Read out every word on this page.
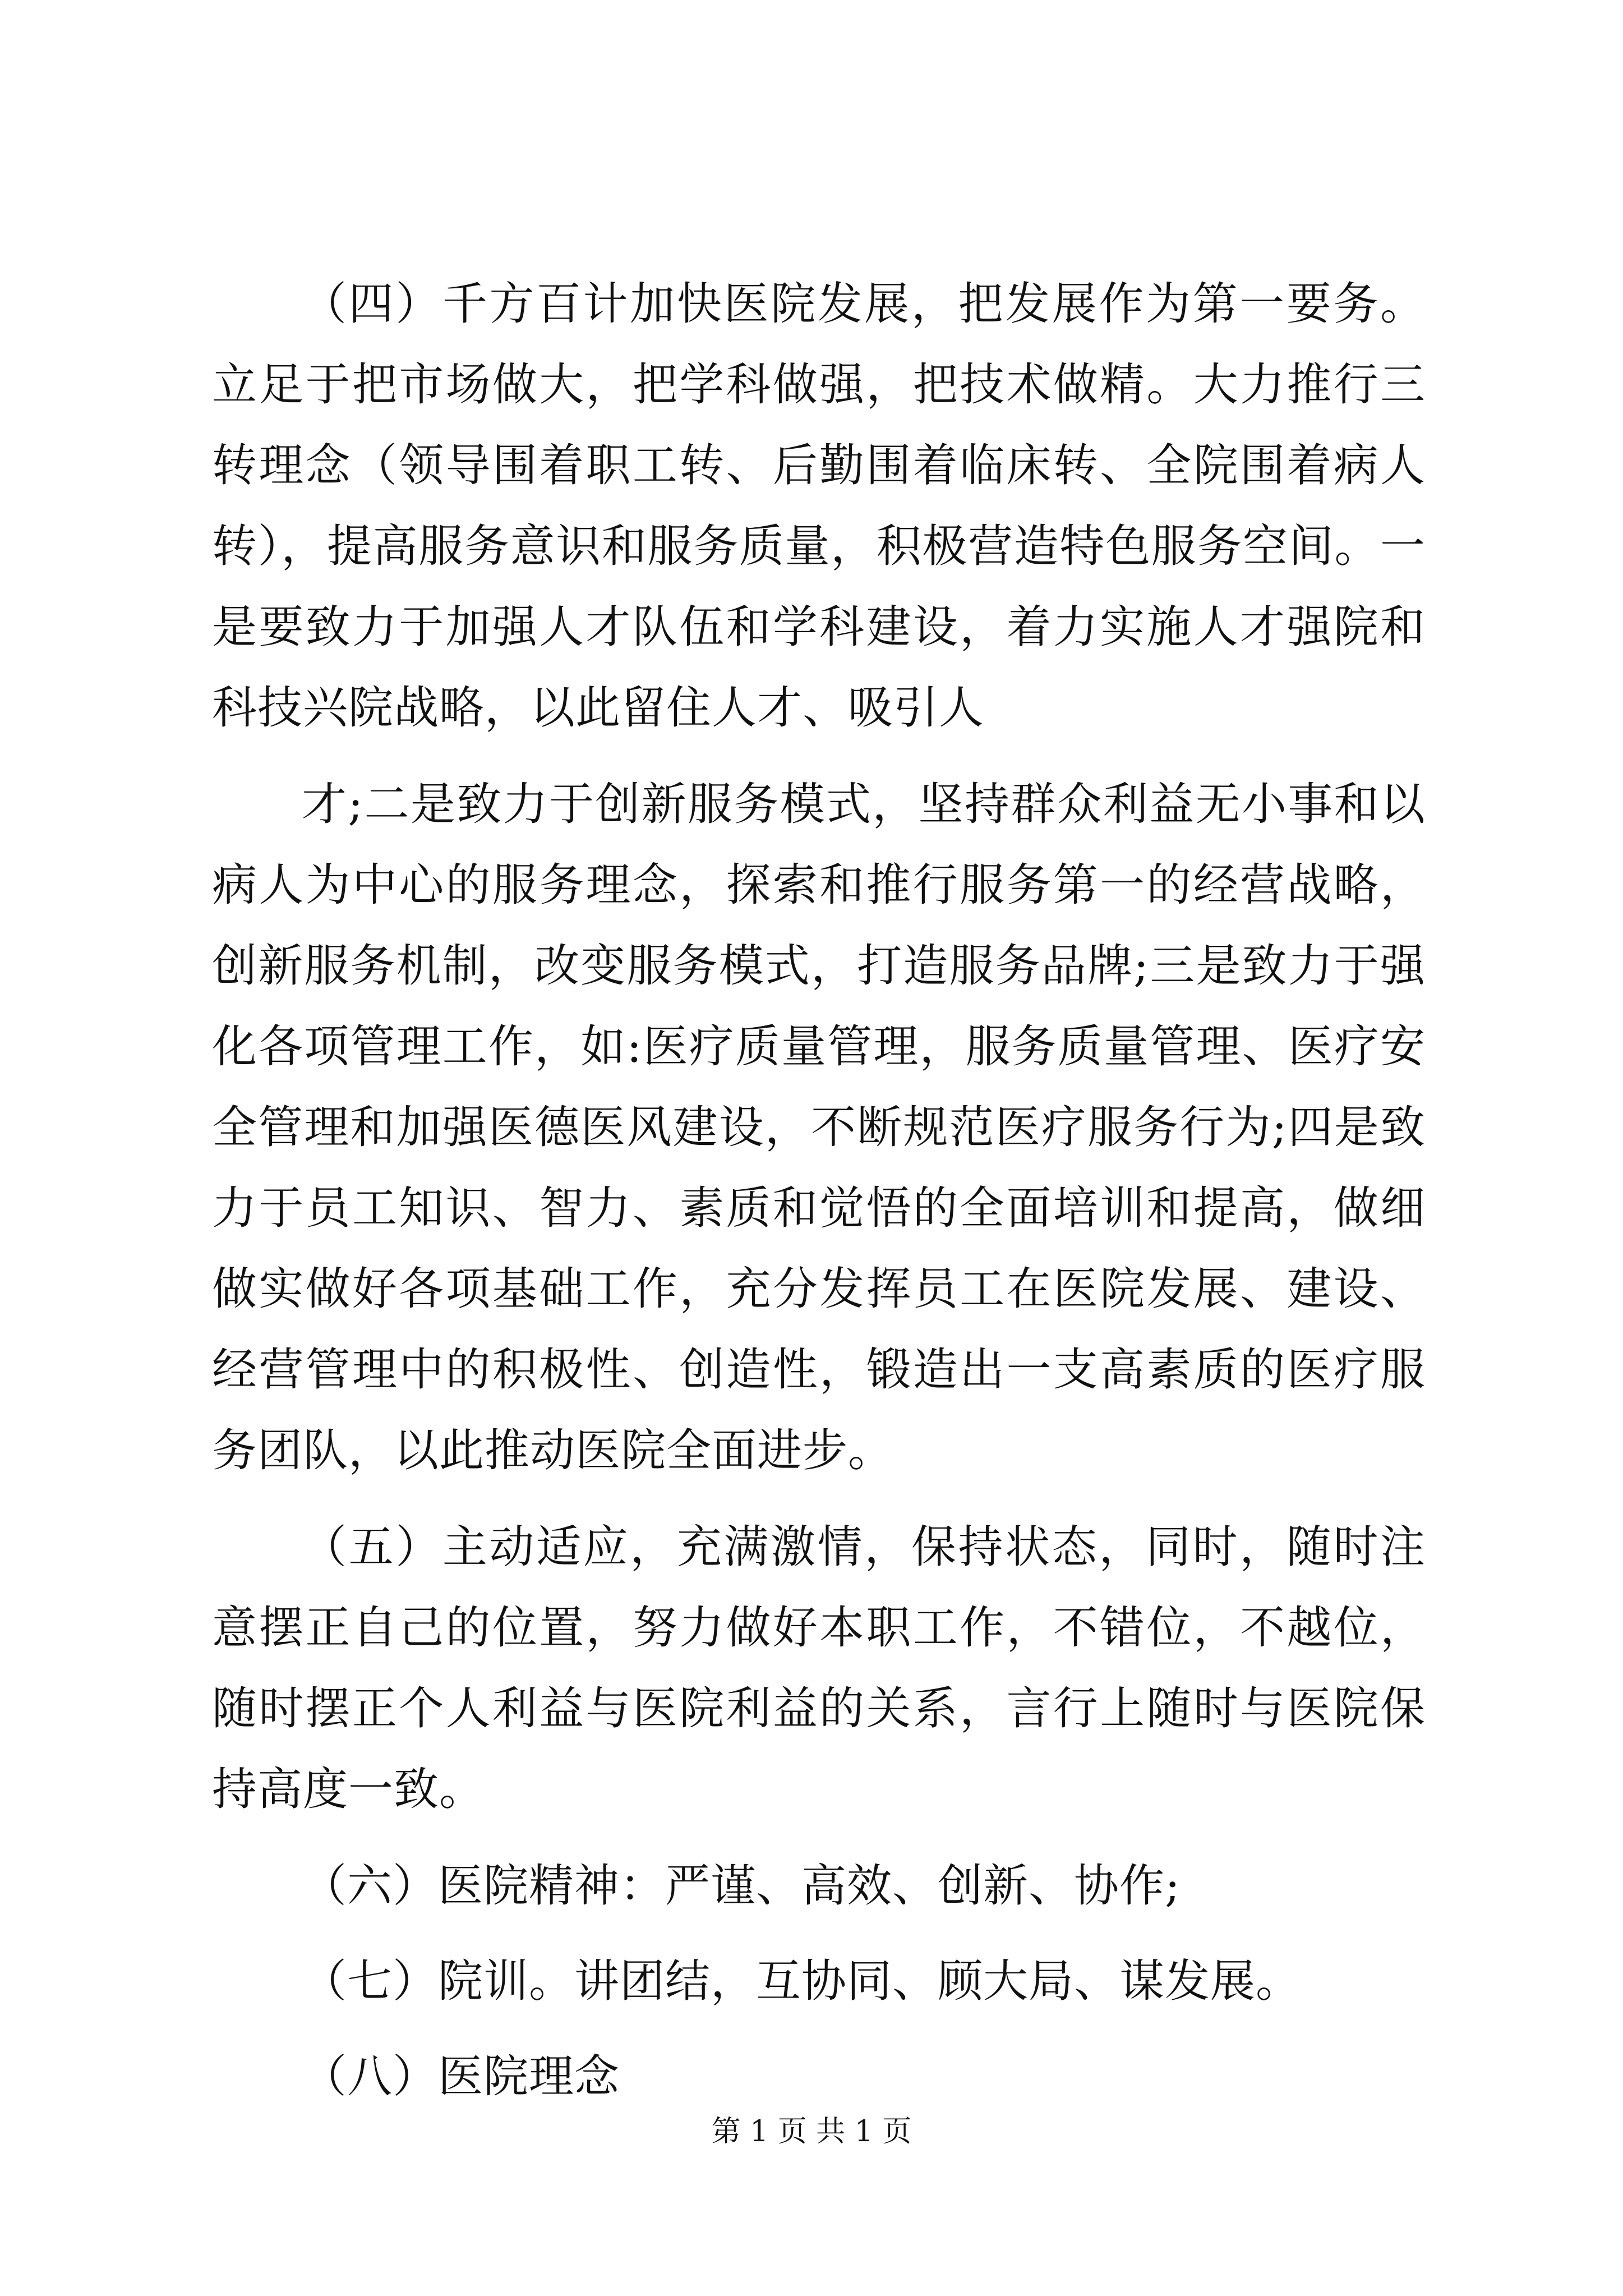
（四）千方百计加快医院发展，把发展作为第一要务。立足于把市场做大，把学科做强，把技术做精。大力推行三转理念（领导围着职工转、后勤围着临床转、全院围着病人转），提高服务意识和服务质量，积极营造特色服务空间。一是要致力于加强人才队伍和学科建设，着力实施人才强院和科技兴院战略，以此留住人才、吸引人

才;二是致力于创新服务模式，坚持群众利益无小事和以病人为中心的服务理念，探索和推行服务第一的经营战略，创新服务机制，改变服务模式，打造服务品牌;三是致力于强化各项管理工作，如:医疗质量管理，服务质量管理、医疗安全管理和加强医德医风建设，不断规范医疗服务行为;四是致力于员工知识、智力、素质和觉悟的全面培训和提高，做细做实做好各项基础工作，充分发挥员工在医院发展、建设、经营管理中的积极性、创造性，锻造出一支高素质的医疗服务团队，以此推动医院全面进步。

（五）主动适应，充满激情，保持状态，同时，随时注意摆正自己的位置，努力做好本职工作，不错位，不越位，随时摆正个人利益与医院利益的关系，言行上随时与医院保持高度一致。

（六）医院精神：严谨、高效、创新、协作;

（七）院训。讲团结，互协同、顾大局、谋发展。

（八）医院理念

第 1 页 共 1 页
